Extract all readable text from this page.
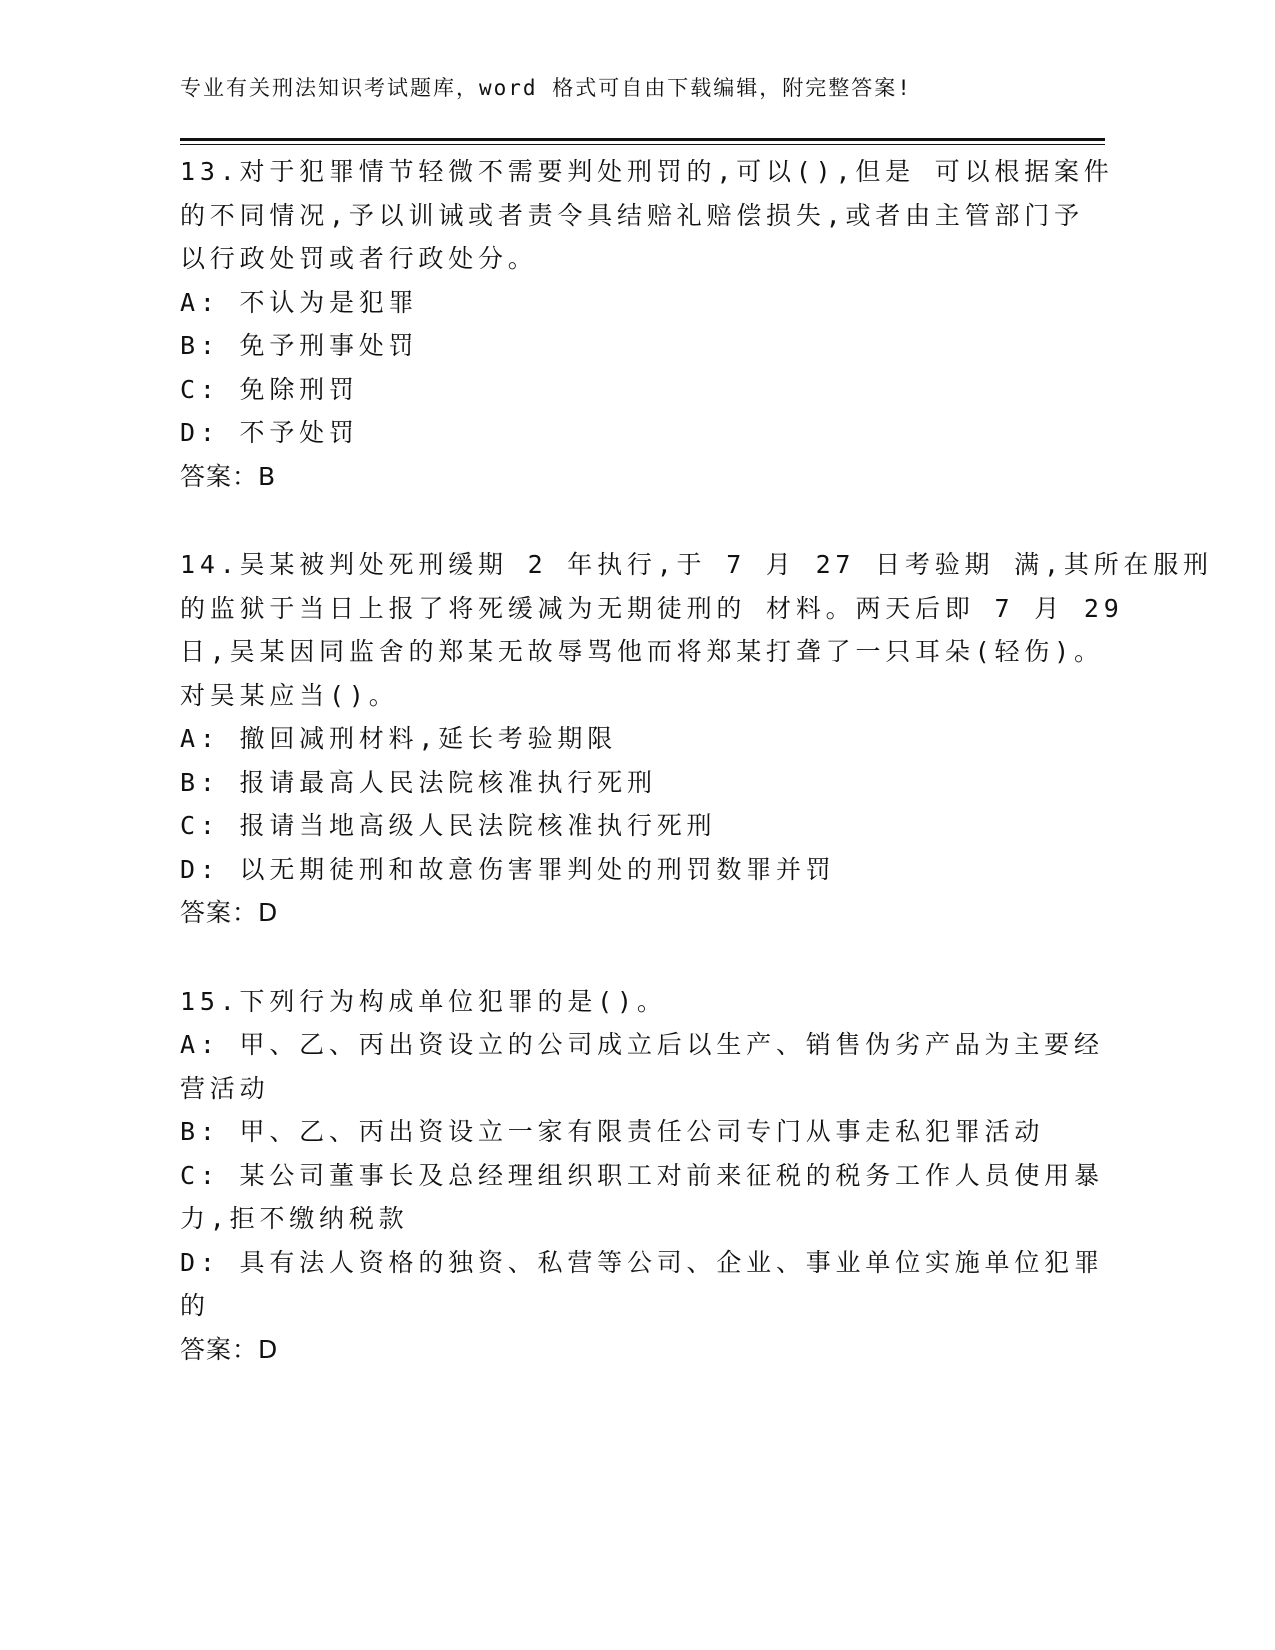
专业有关刑法知识考试题库，word 格式可自由下载编辑，附完整答案!
13.对于犯罪情节轻微不需要判处刑罚的,可以(),但是 可以根据案件
的不同情况,予以训诫或者责令具结赔礼赔偿损失,或者由主管部门予
以行政处罚或者行政处分。
A: 不认为是犯罪
B: 免予刑事处罚
C: 免除刑罚
D: 不予处罚
答案：B
14.吴某被判处死刑缓期 2 年执行,于 7 月 27 日考验期 满,其所在服刑
的监狱于当日上报了将死缓减为无期徒刑的 材料。两天后即 7 月 29
日,吴某因同监舍的郑某无故辱骂他而将郑某打聋了一只耳朵(轻伤)。
对吴某应当()。
A: 撤回减刑材料,延长考验期限
B: 报请最高人民法院核准执行死刑
C: 报请当地高级人民法院核准执行死刑
D: 以无期徒刑和故意伤害罪判处的刑罚数罪并罚
答案：D
15.下列行为构成单位犯罪的是()。
A: 甲、乙、丙出资设立的公司成立后以生产、销售伪劣产品为主要经
营活动
B: 甲、乙、丙出资设立一家有限责任公司专门从事走私犯罪活动
C: 某公司董事长及总经理组织职工对前来征税的税务工作人员使用暴
力,拒不缴纳税款
D: 具有法人资格的独资、私营等公司、企业、事业单位实施单位犯罪
的
答案：D
